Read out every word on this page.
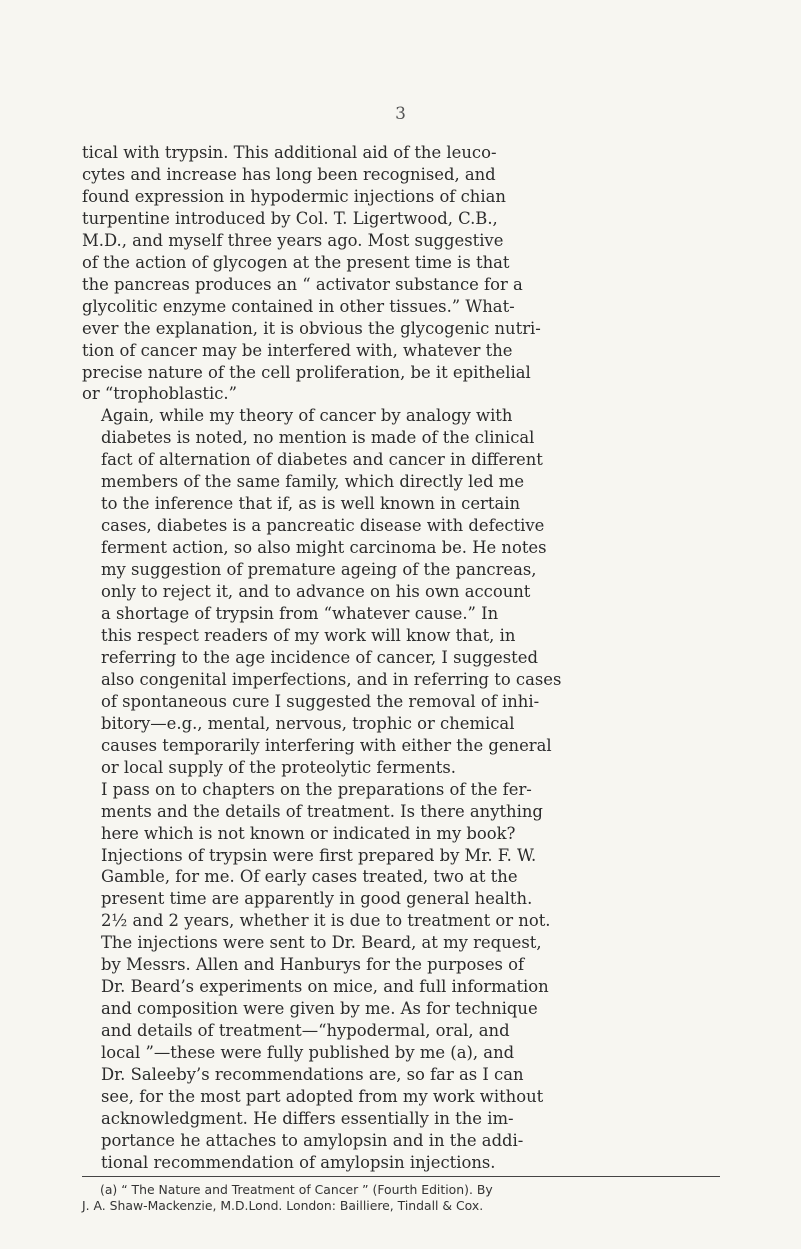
3

tical with trypsin. This additional aid of the leuco-
cytes and increase has long been recognised, and
found expression in hypodermic injections of chian
turpentine introduced by Col. T. Ligertwood, C.B.,
M.D., and myself three years ago. Most suggestive
of the action of glycogen at the present time is that
the pancreas produces an “ activator substance for a
glycolitic enzyme contained in other tissues.” What-
ever the explanation, it is obvious the glycogenic nutri-
tion of cancer may be interfered with, whatever the
precise nature of the cell proliferation, be it epithelial
or “trophoblastic.”

Again, while my theory of cancer by analogy with
diabetes is noted, no mention is made of the clinical
fact of alternation of diabetes and cancer in different
members of the same family, which directly led me
to the inference that if, as is well known in certain
cases, diabetes is a pancreatic disease with defective
ferment action, so also might carcinoma be. He notes
my suggestion of premature ageing of the pancreas,
only to reject it, and to advance on his own account
a shortage of trypsin from “whatever cause.” In
this respect readers of my work will know that, in
referring to the age incidence of cancer, I suggested
also congenital imperfections, and in referring to cases
of spontaneous cure I suggested the removal of inhi-
bitory—e.g., mental, nervous, trophic or chemical
causes temporarily interfering with either the general
or local supply of the proteolytic ferments.

I pass on to chapters on the preparations of the fer-
ments and the details of treatment. Is there anything
here which is not known or indicated in my book?
Injections of trypsin were first prepared by Mr. F. W.
Gamble, for me. Of early cases treated, two at the
present time are apparently in good general health.
2½ and 2 years, whether it is due to treatment or not.
The injections were sent to Dr. Beard, at my request,
by Messrs. Allen and Hanburys for the purposes of
Dr. Beard’s experiments on mice, and full information
and composition were given by me. As for technique
and details of treatment—“hypodermal, oral, and
local ”—these were fully published by me (a), and
Dr. Saleeby’s recommendations are, so far as I can
see, for the most part adopted from my work without
acknowledgment. He differs essentially in the im-
portance he attaches to amylopsin and in the addi-
tional recommendation of amylopsin injections.

(a) “ The Nature and Treatment of Cancer ” (Fourth Edition). By
J. A. Shaw-Mackenzie, M.D.Lond. London: Bailliere, Tindall & Cox.
